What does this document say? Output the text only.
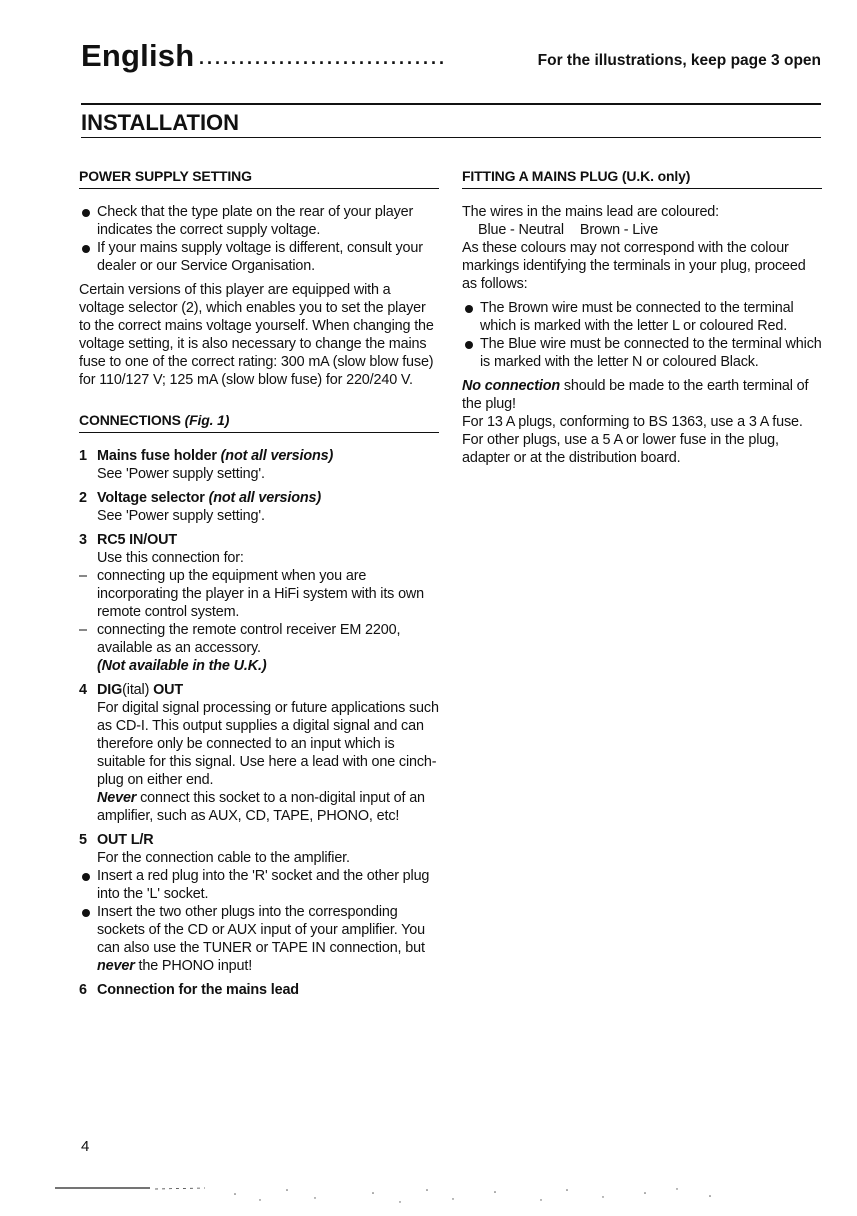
English ...............................	For the illustrations, keep page 3 open
INSTALLATION
POWER SUPPLY SETTING

Check that the type plate on the rear of your player indicates the correct supply voltage.

If your mains supply voltage is different, consult your dealer or our Service Organisation.

Certain versions of this player are equipped with a voltage selector (2), which enables you to set the player to the correct mains voltage yourself. When changing the voltage setting, it is also necessary to change the mains fuse to one of the correct rating: 300 mA (slow blow fuse) for 110/127 V; 125 mA (slow blow fuse) for 220/240 V.

CONNECTIONS (Fig. 1)

1 Mains fuse holder (not all versions)

See 'Power supply setting'.

2 Voltage selector (not all versions)

See 'Power supply setting'.

3 RC5 IN/OUT

Use this connection for:

– connecting up the equipment when you are incorporating the player in a HiFi system with its own remote control system.

– connecting the remote control receiver EM 2200, available as an accessory.

(Not available in the U.K.)

4 DIG(ital) OUT

For digital signal processing or future applications such as CD-I. This output supplies a digital signal and can therefore only be connected to an input which is suitable for this signal. Use here a lead with one cinch-plug on either end.

Never connect this socket to a non-digital input of an amplifier, such as AUX, CD, TAPE, PHONO, etc!

5 OUT L/R

For the connection cable to the amplifier.

Insert a red plug into the 'R' socket and the other plug into the 'L' socket.

Insert the two other plugs into the corresponding sockets of the CD or AUX input of your amplifier. You can also use the TUNER or TAPE IN connection, but never the PHONO input!

6 Connection for the mains lead

FITTING A MAINS PLUG (U.K. only)

The wires in the mains lead are coloured:

Blue - Neutral Brown - Live

As these colours may not correspond with the colour markings identifying the terminals in your plug, proceed as follows:

The Brown wire must be connected to the terminal which is marked with the letter L or coloured Red.

The Blue wire must be connected to the terminal which is marked with the letter N or coloured Black.

No connection should be made to the earth terminal of the plug!

For 13 A plugs, conforming to BS 1363, use a 3 A fuse. For other plugs, use a 5 A or lower fuse in the plug, adapter or at the distribution board.

4
